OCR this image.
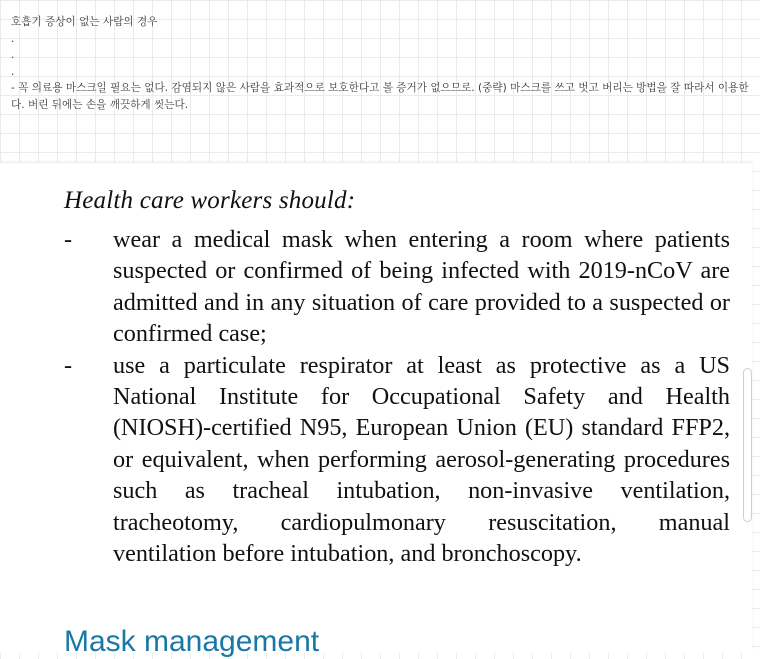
호흡기 증상이 없는 사람의 경우

.

.

.

- 꼭 의료용 마스크일 필요는 없다. 감염되지 않은 사람을 효과적으로 보호한다고 볼 증거가 없으므로. (중략) 마스크를 쓰고 벗고 버리는 방법을 잘 따라서 이용한다. 버린 뒤에는 손을 깨끗하게 씻는다.

Health care workers should:

- wear a medical mask when entering a room where patients suspected or confirmed of being infected with 2019-nCoV are admitted and in any situation of care provided to a suspected or confirmed case;
- use a particulate respirator at least as protective as a US National Institute for Occupational Safety and Health (NIOSH)-certified N95, European Union (EU) standard FFP2, or equivalent, when performing aerosol-generating procedures such as tracheal intubation, non-invasive ventilation, tracheotomy, cardiopulmonary resuscitation, manual ventilation before intubation, and bronchoscopy.

Mask management
